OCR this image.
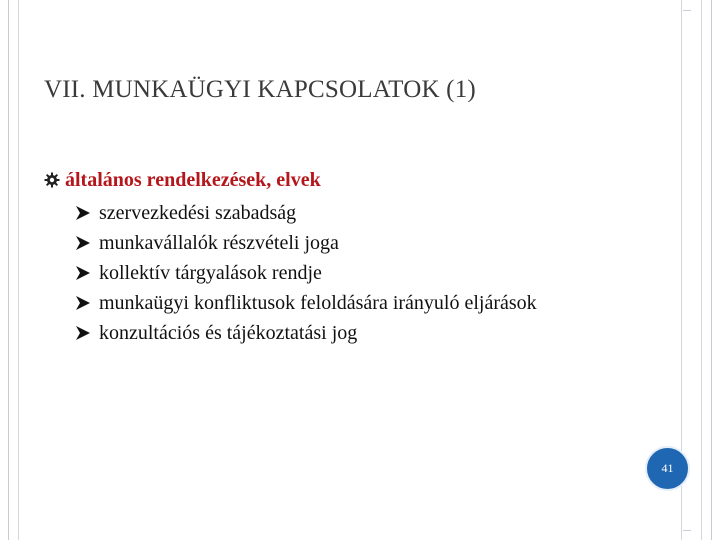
VII. MUNKAÜGYI KAPCSOLATOK (1)
általános rendelkezések, elvek
szervezkedési szabadság
munkavállalók részvételi joga
kollektív tárgyalások rendje
munkaügyi konfliktusok feloldására irányuló eljárások
konzultációs és tájékoztatási jog
41
